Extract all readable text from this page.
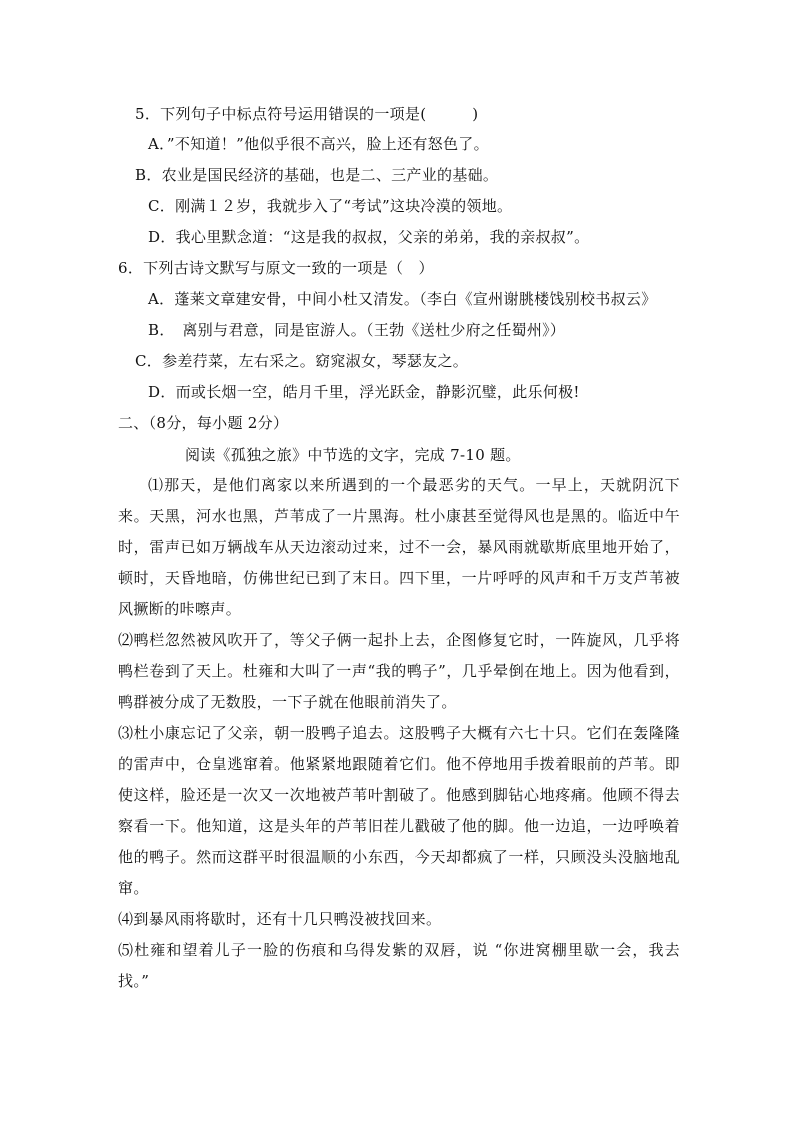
5．下列句子中标点符号运用错误的一项是(　　　)
A．”不知道！”他似乎很不高兴，脸上还有怒色了。
B．农业是国民经济的基础，也是二、三产业的基础。
C．刚满１２岁，我就步入了“考试”这块冷漠的领地。
D．我心里默念道：“这是我的叔叔，父亲的弟弟，我的亲叔叔”。
6．下列古诗文默写与原文一致的一项是（　）
A．蓬莱文章建安骨，中间小杜又清发。（李白《宣州谢朓楼饯别校书叔云》
B．　离别与君意，同是宦游人。（王勃《送杜少府之任蜀州》）
C．参差荇菜，左右采之。窈窕淑女，琴瑟友之。
D．而或长烟一空，皓月千里，浮光跃金，静影沉璧，此乐何极!
二、（8分，每小题 2分）
阅读《孤独之旅》中节选的文字，完成 7-10 题。
⑴那天，是他们离家以来所遇到的一个最恶劣的天气。一早上，天就阴沉下来。天黑，河水也黑，芦苇成了一片黑海。杜小康甚至觉得风也是黑的。临近中午时，雷声已如万辆战车从天边滚动过来，过不一会，暴风雨就歇斯底里地开始了，顿时，天昏地暗，仿佛世纪已到了末日。四下里，一片呼呼的风声和千万支芦苇被风撅断的咔嚓声。
⑵鸭栏忽然被风吹开了，等父子俩一起扑上去，企图修复它时，一阵旋风，几乎将鸭栏卷到了天上。杜雍和大叫了一声“我的鸭子”，几乎晕倒在地上。因为他看到，鸭群被分成了无数股，一下子就在他眼前消失了。
⑶杜小康忘记了父亲，朝一股鸭子追去。这股鸭子大概有六七十只。它们在轰隆隆的雷声中，仓皇逃窜着。他紧紧地跟随着它们。他不停地用手拨着眼前的芦苇。即使这样，脸还是一次又一次地被芦苇叶割破了。他感到脚钻心地疼痛。他顾不得去察看一下。他知道，这是头年的芦苇旧茬儿戳破了他的脚。他一边追，一边呼唤着他的鸭子。然而这群平时很温顺的小东西，今天却都疯了一样，只顾没头没脑地乱窜。
⑷到暴风雨将歇时，还有十几只鸭没被找回来。
⑸杜雍和望着儿子一脸的伤痕和乌得发紫的双唇，说 “你进窝棚里歇一会，我去找。”
